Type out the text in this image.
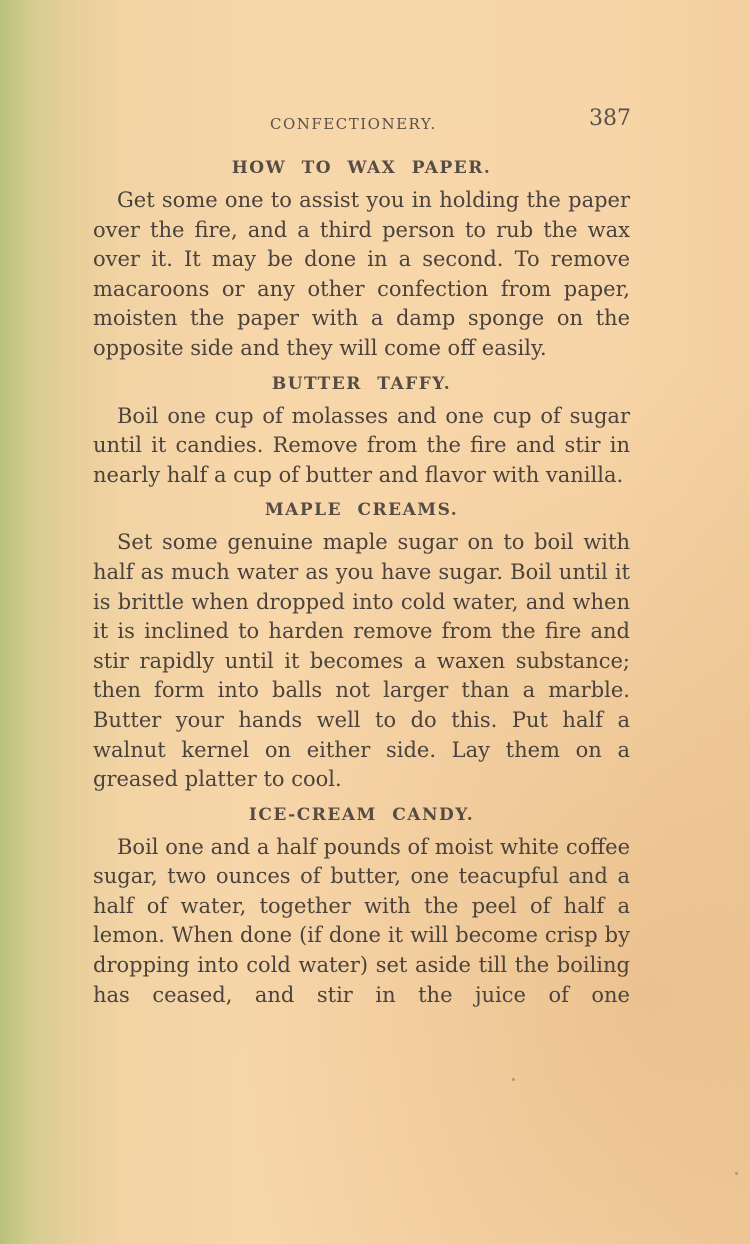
CONFECTIONERY.	387
HOW TO WAX PAPER.

Get some one to assist you in holding the paper over the fire, and a third person to rub the wax over it. It may be done in a second. To remove macaroons or any other confection from paper, moisten the paper with a damp sponge on the opposite side and they will come off easily.

BUTTER TAFFY.

Boil one cup of molasses and one cup of sugar until it candies. Remove from the fire and stir in nearly half a cup of butter and flavor with vanilla.

MAPLE CREAMS.

Set some genuine maple sugar on to boil with half as much water as you have sugar. Boil until it is brittle when dropped into cold water, and when it is inclined to harden remove from the fire and stir rapidly until it becomes a waxen substance; then form into balls not larger than a marble. Butter your hands well to do this. Put half a walnut kernel on either side. Lay them on a greased platter to cool.

ICE-CREAM CANDY.

Boil one and a half pounds of moist white coffee sugar, two ounces of butter, one teacupful and a half of water, together with the peel of half a lemon. When done (if done it will become crisp by dropping into cold water) set aside till the boiling has ceased, and stir in the juice of one
